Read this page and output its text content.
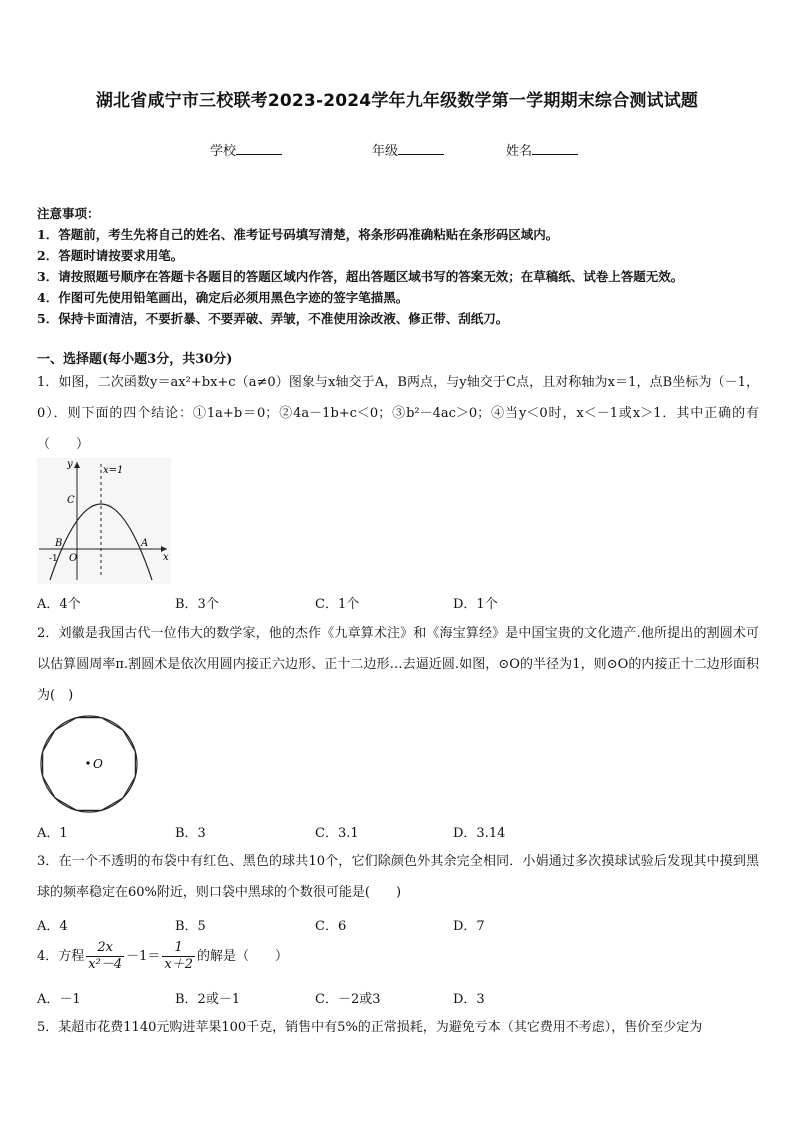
湖北省咸宁市三校联考2023-2024学年九年级数学第一学期期末综合测试试题
学校	年级	姓名
注意事项：
1．答题前，考生先将自己的姓名、准考证号码填写清楚，将条形码准确粘贴在条形码区域内。
2．答题时请按要求用笔。
3．请按照题号顺序在答题卡各题目的答题区域内作答，超出答题区域书写的答案无效；在草稿纸、试卷上答题无效。
4．作图可先使用铅笔画出，确定后必须用黑色字迹的签字笔描黑。
5．保持卡面清洁，不要折暴、不要弄破、弄皱，不准使用涂改液、修正带、刮纸刀。
一、选择题(每小题3分，共30分)
1．如图，二次函数y＝ax²+bx+c（a≠0）图象与x轴交于A，B两点，与y轴交于C点，且对称轴为x＝1，点B坐标为（－1，0）．则下面的四个结论：①1a+b＝0；②4a－1b+c＜0；③b²－4ac＞0；④当y＜0时，x＜－1或x＞1．其中正确的有（　　）
y
x=1
C
B	A
O
-1	x
A．4个	B．3个	C．1个	D．1个
2．刘徽是我国古代一位伟大的数学家，他的杰作《九章算术注》和《海宝算经》是中国宝贵的文化遗产.他所提出的割圆术可以估算圆周率π.割圆术是依次用圆内接正六边形、正十二边形…去逼近圆.如图，⊙O的半径为1，则⊙O的内接正十二边形面积为(　)
O
A．1	B．3	C．3.1	D．3.14
3．在一个不透明的布袋中有红色、黑色的球共10个，它们除颜色外其余完全相同．小娟通过多次摸球试验后发现其中摸到黑球的频率稳定在60%附近，则口袋中黑球的个数很可能是(　　)
A．4	B．5	C．6	D．7
4．方程 $\frac{2x}{\text{x²－4}} -1= \frac{1}{x+2}$ 的解是（　　）
A．－1	B．2或－1	C．－2或3	D．3
5．某超市花费1140元购进苹果100千克，销售中有5%的正常损耗，为避免亏本（其它费用不考虑），售价至少定为
